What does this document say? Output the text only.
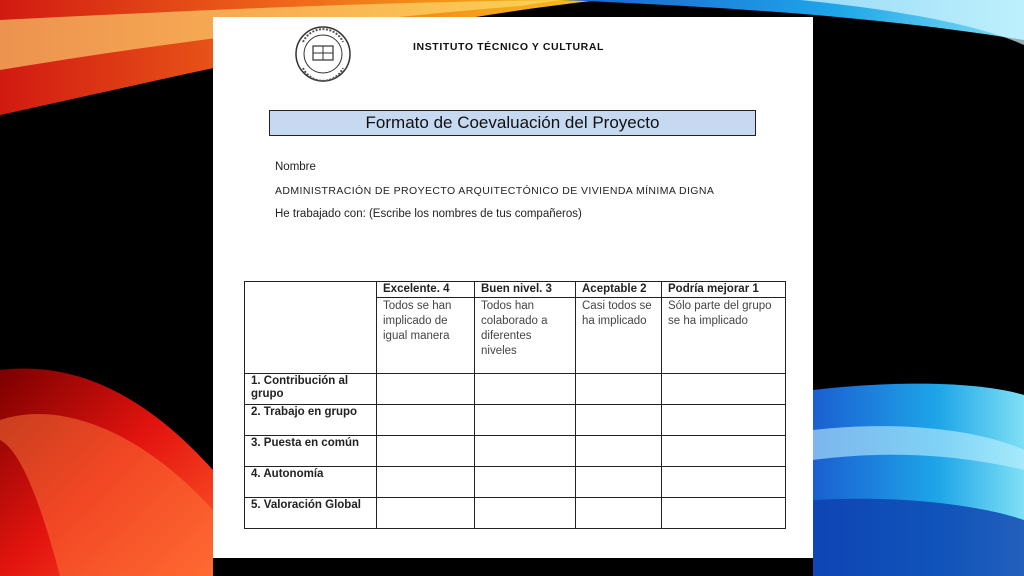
INSTITUTO TÉCNICO Y CULTURAL
Formato de Coevaluación del Proyecto
Nombre
ADMINISTRACIÓN DE PROYECTO ARQUITECTÓNICO DE VIVIENDA MÍNIMA DIGNA
He trabajado con: (Escribe los nombres de tus compañeros)
	Excelente. 4	Buen nivel. 3	Aceptable 2	Podría mejorar 1
	Todos se han implicado de igual manera	Todos han colaborado a diferentes niveles	Casi todos se ha implicado	Sólo parte del grupo se ha implicado
1. Contribución al grupo				
2. Trabajo en grupo				
3. Puesta en común				
4. Autonomía				
5. Valoración Global				
